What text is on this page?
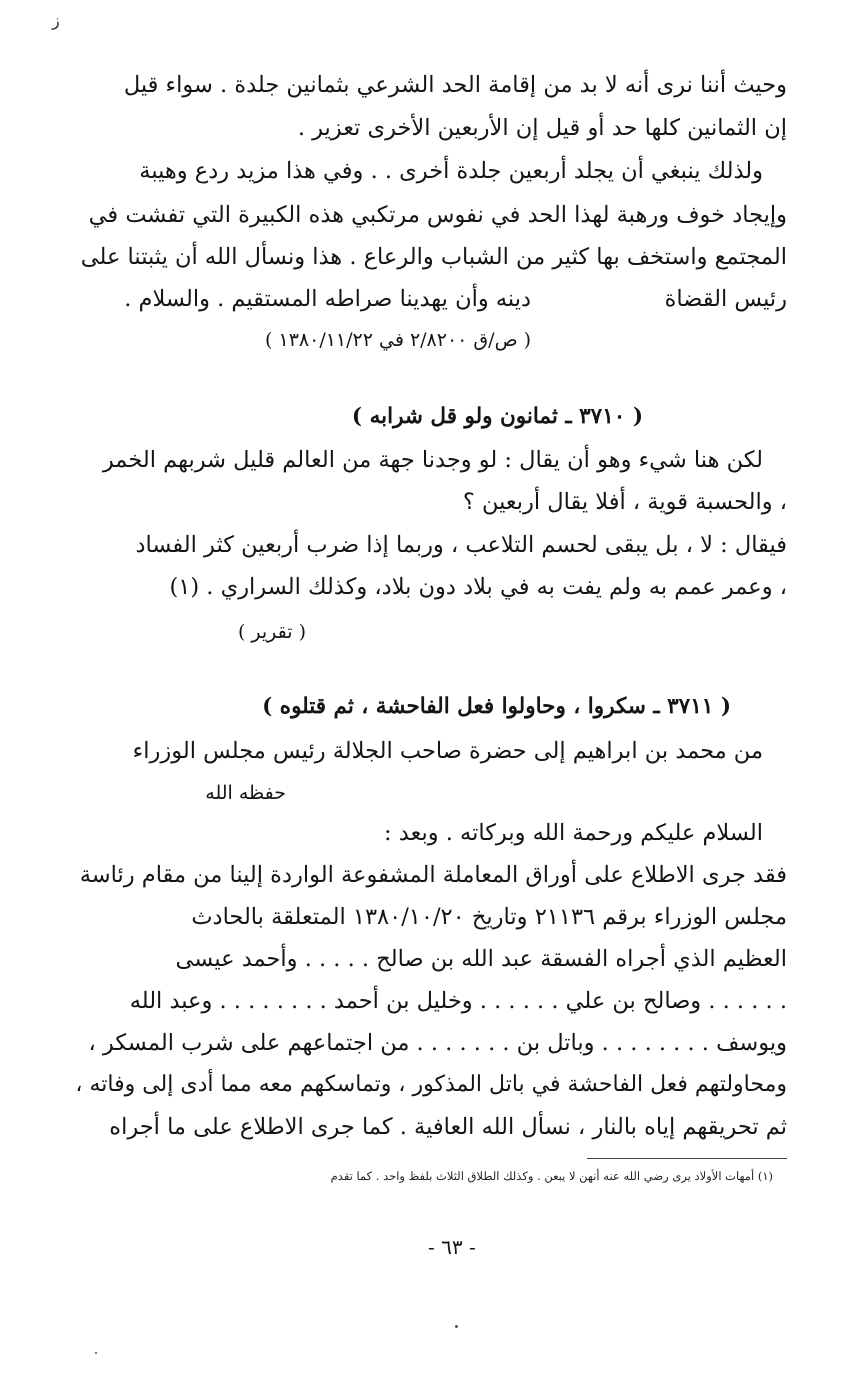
ز
وحيث أننا نرى أنه لا بد من إقامة الحد الشرعي بثمانين جلدة . سواء قيل
إن الثمانين كلها حد أو قيل إن الأربعين الأخرى تعزير .
ولذلك ينبغي أن يجلد أربعين جلدة أخرى . . وفي هذا مزيد ردع وهيبة
وإيجاد خوف ورهبة لهذا الحد في نفوس مرتكبي هذه الكبيرة التي تفشت في
المجتمع واستخف بها كثير من الشباب والرعاع . هذا ونسأل الله أن يثبتنا على
دينه وأن يهدينا صراطه المستقيم . والسلام .	رئيس القضاة
( ص/ق ٢/٨٢٠٠ في ١٣٨٠/١١/٢٢ )
( ٣٧١٠ ـ ثمانون ولو قل شرابه )
لكن هنا شيء وهو أن يقال : لو وجدنا جهة من العالم قليل شربهم الخمر
، والحسبة قوية ، أفلا يقال أربعين ؟
فيقال : لا ، بل يبقى لحسم التلاعب ، وربما إذا ضرب أربعين كثر الفساد
، وعمر عمم به ولم يفت به في بلاد دون بلاد، وكذلك السراري . (١)
( تقرير )
( ٣٧١١ ـ سكروا ، وحاولوا فعل الفاحشة ، ثم قتلوه )
من محمد بن ابراهيم إلى حضرة صاحب الجلالة رئيس مجلس الوزراء
حفظه الله
السلام عليكم ورحمة الله وبركاته . وبعد :
فقد جرى الاطلاع على أوراق المعاملة المشفوعة الواردة إلينا من مقام رئاسة
مجلس الوزراء برقم ٢١١٣٦ وتاريخ ١٣٨٠/١٠/٢٠ المتعلقة بالحادث
العظيم الذي أجراه الفسقة عبد الله بن صالح . . . . . وأحمد عيسى
. . . . . . وصالح بن علي . . . . . . وخليل بن أحمد . . . . . . . . وعبد الله
ويوسف . . . . . . . . وباتل بن . . . . . . . من اجتماعهم على شرب المسكر ،
ومحاولتهم فعل الفاحشة في باتل المذكور ، وتماسكهم معه مما أدى إلى وفاته ،
ثم تحريقهم إياه بالنار ، نسأل الله العافية . كما جرى الاطلاع على ما أجراه
(١) أمهات الأولاد يرى رضي الله عنه أنهن لا يبعن . وكذلك الطلاق الثلاث بلفظ واحد . كما تقدم
- ٦٣ -
